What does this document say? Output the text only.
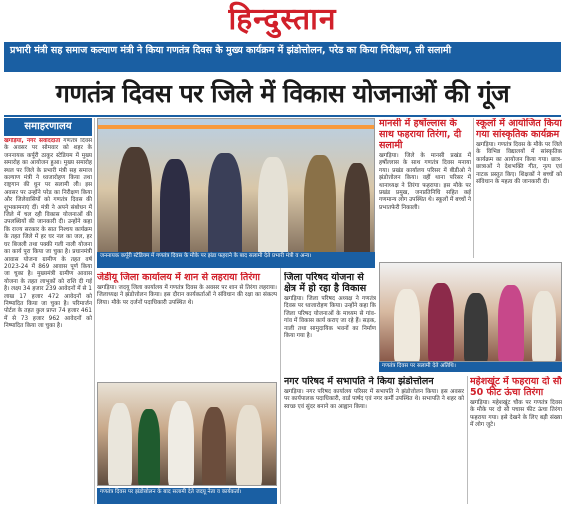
हिन्दुस्तान
प्रभारी मंत्री सह समाज कल्याण मंत्री ने किया गणतंत्र दिवस के मुख्य कार्यक्रम में झंडोत्तोलन, परेड का किया निरीक्षण, ली सलामी
गणतंत्र दिवस पर जिले में विकास योजनाओं की गूंज
समाहरणालय
खगड़िया, नगर संवाददाता गणतंत्र दिवस के अवसर पर सोमवार को शहर के जननायक कर्पूरी ठाकुर स्टेडियम में मुख्य समारोह का आयोजन हुआ। मुख्य समारोह स्थल पर जिले के प्रभारी मंत्री सह समाज कल्याण मंत्री ने ध्वजारोहण किया तथा राष्ट्रगान की धुन पर सलामी ली। इस अवसर पर उन्होंने परेड का निरीक्षण किया और जिलेवासियों को गणतंत्र दिवस की शुभकामनाएं दीं। मंत्री ने अपने संबोधन में जिले में चल रही विकास योजनाओं की उपलब्धियों की जानकारी दी। उन्होंने कहा कि राज्य सरकार के सात निश्चय कार्यक्रम के तहत जिले में हर घर नल का जल, हर घर बिजली तथा पक्की गली नाली योजना का कार्य पूरा किया जा चुका है। प्रधानमंत्री आवास योजना ग्रामीण के तहत वर्ष 2023-24 में 869 आवास पूर्ण किया जा चुका है। मुख्यमंत्री ग्रामीण आवास योजना के तहत लाभुकों को राशि दी गई है। लक्ष्य 34 हजार 239 आवेदनों में से 1 लाख 17 हजार 472 आवेदनों को निष्पादित किया जा चुका है। परिमार्जन पोर्टल के तहत कुल प्राप्त 74 हजार 461 में से 73 हजार 962 आवेदनों को निष्पादित किया जा चुका है।
जननायक कर्पूरी स्टेडियम में गणतंत्र दिवस के मौके पर झंडा फहराने के बाद सलामी देते प्रभारी मंत्री व अन्य।
मानसी में हर्षोल्लास के साथ फहराया तिरंगा, दी सलामी
खगड़िया। जिले के मानसी प्रखंड में हर्षोल्लास के साथ गणतंत्र दिवस मनाया गया। प्रखंड कार्यालय परिसर में बीडीओ ने झंडोत्तोलन किया। वहीं थाना परिसर में थानाध्यक्ष ने तिरंगा फहराया। इस मौके पर प्रखंड प्रमुख, जनप्रतिनिधि सहित कई गणमान्य लोग उपस्थित थे। स्कूलों में बच्चों ने प्रभातफेरी निकाली।
स्कूलों में आयोजित किया गया सांस्कृतिक कार्यक्रम
खगड़िया। गणतंत्र दिवस के मौके पर जिले के विभिन्न विद्यालयों में सांस्कृतिक कार्यक्रम का आयोजन किया गया। छात्र-छात्राओं ने देशभक्ति गीत, नृत्य एवं नाटक प्रस्तुत किए। शिक्षकों ने बच्चों को संविधान के महत्व की जानकारी दी।
जेडीयू जिला कार्यालय में शान से लहराया तिरंगा
खगड़िया। जदयू जिला कार्यालय में गणतंत्र दिवस के अवसर पर शान से तिरंगा लहराया। जिलाध्यक्ष ने झंडोत्तोलन किया। इस दौरान कार्यकर्ताओं ने संविधान की रक्षा का संकल्प लिया। मौके पर दर्जनों पदाधिकारी उपस्थित थे।
गणतंत्र दिवस पर झंडोत्तोलन के बाद सलामी देते जदयू नेता व कार्यकर्ता।
जिला परिषद योजना से क्षेत्र में हो रहा है विकास
खगड़िया। जिला परिषद अध्यक्ष ने गणतंत्र दिवस पर ध्वजारोहण किया। उन्होंने कहा कि जिला परिषद योजनाओं के माध्यम से गांव-गांव में विकास कार्य कराए जा रहे हैं। सड़क, नाली तथा सामुदायिक भवनों का निर्माण किया गया है।
गणतंत्र दिवस पर सलामी देते अतिथि।
नगर परिषद में सभापति ने किया झंडोत्तोलन
खगड़िया। नगर परिषद कार्यालय परिसर में सभापति ने झंडोत्तोलन किया। इस अवसर पर कार्यपालक पदाधिकारी, वार्ड पार्षद एवं नगर कर्मी उपस्थित थे। सभापति ने शहर को स्वच्छ एवं सुंदर बनाने का आह्वान किया।
महेशखूंट में फहराया दो सौ 50 फीट ऊंचा तिरंगा
खगड़िया। महेशखूंट चौक पर गणतंत्र दिवस के मौके पर दो सौ पचास फीट ऊंचा तिरंगा फहराया गया। इसे देखने के लिए बड़ी संख्या में लोग जुटे।
